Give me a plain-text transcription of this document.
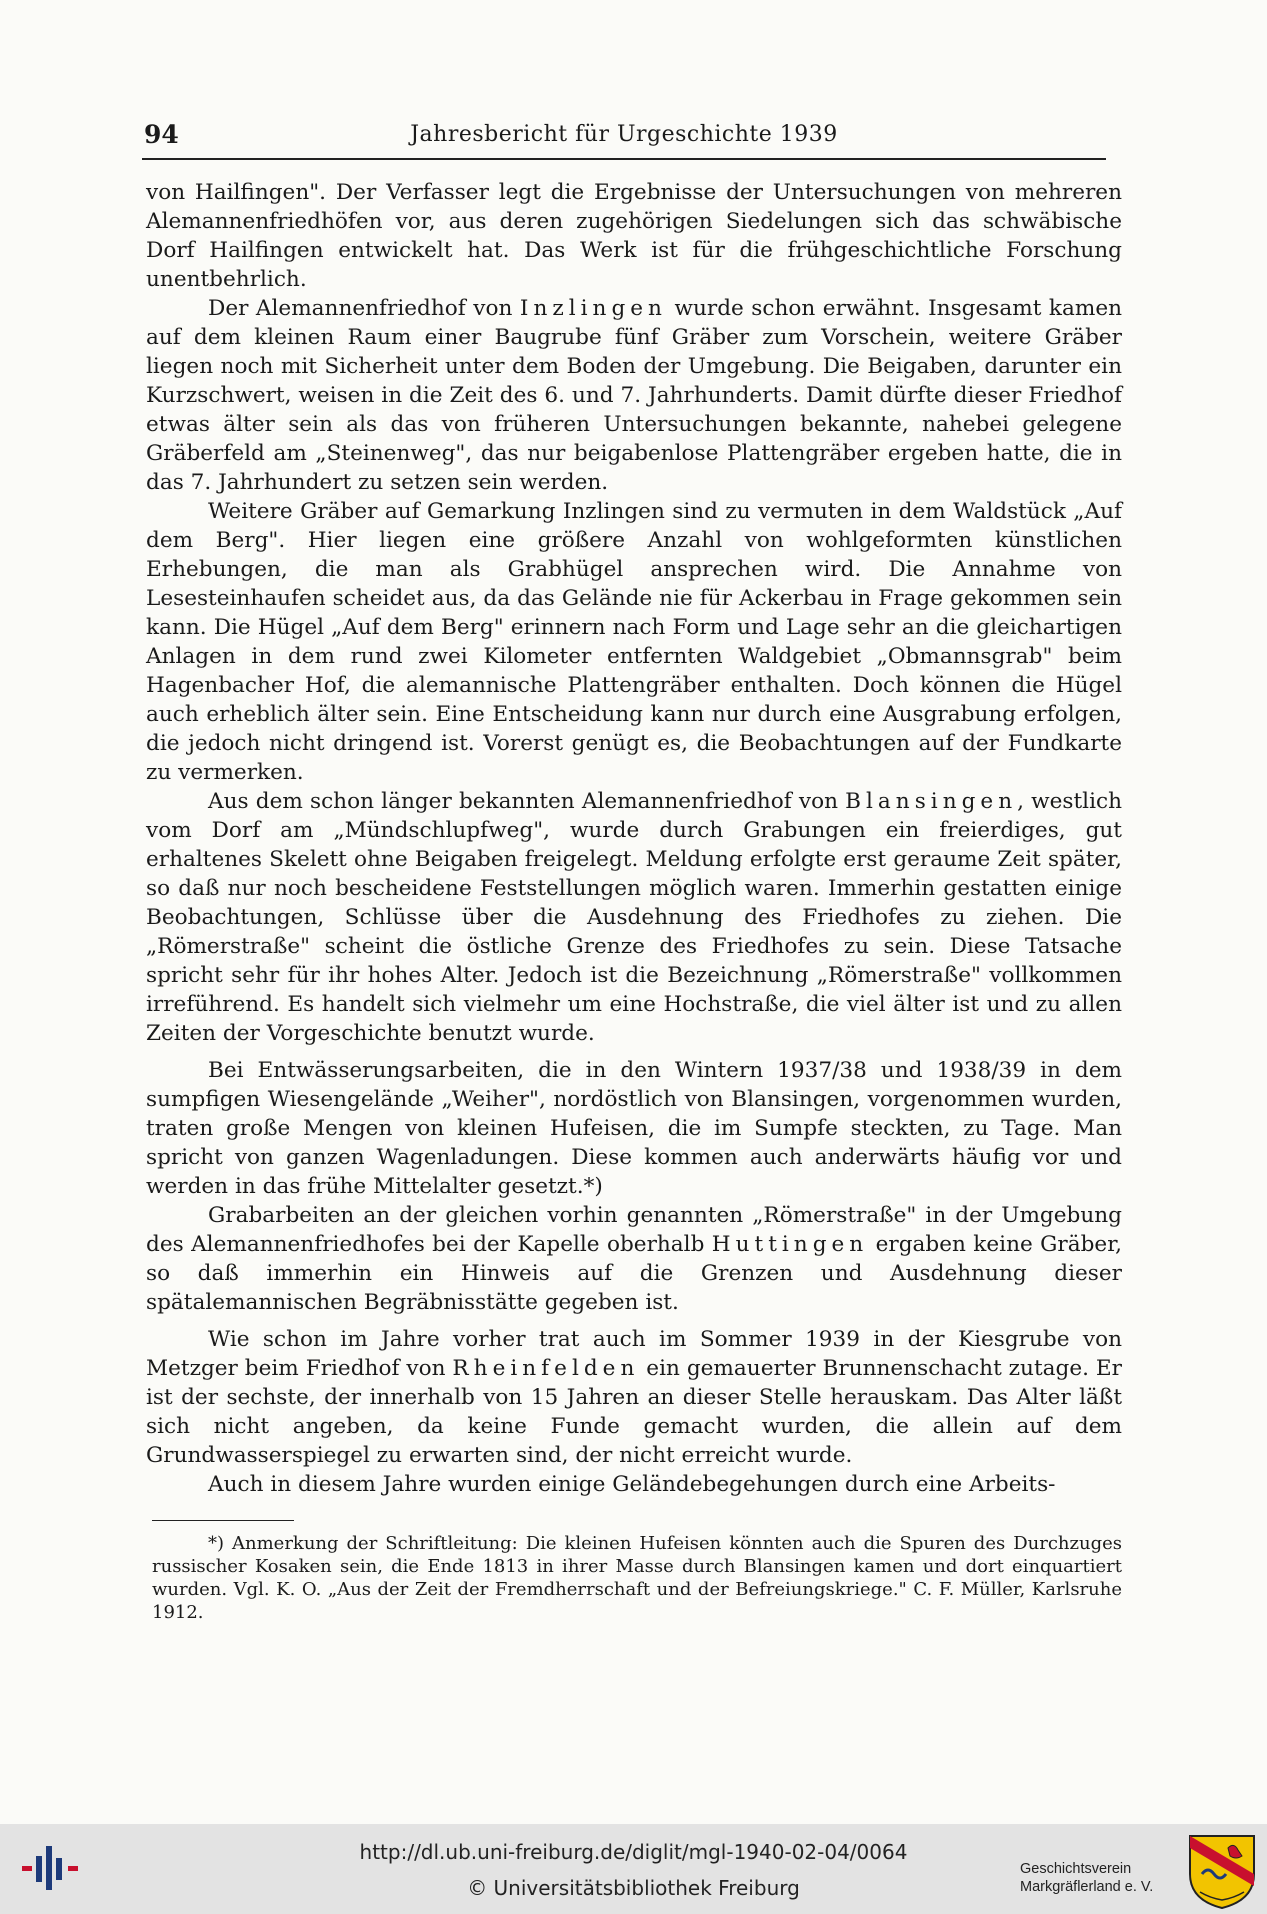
94	Jahresbericht für Urgeschichte 1939

von Hailfingen". Der Verfasser legt die Ergebnisse der Untersuchungen von mehreren Alemannenfriedhöfen vor, aus deren zugehörigen Siedelungen sich das schwäbische Dorf Hailfingen entwickelt hat. Das Werk ist für die frühgeschichtliche Forschung unentbehrlich.

Der Alemannenfriedhof von Inzlingen wurde schon erwähnt. Insgesamt kamen auf dem kleinen Raum einer Baugrube fünf Gräber zum Vorschein, weitere Gräber liegen noch mit Sicherheit unter dem Boden der Umgebung. Die Beigaben, darunter ein Kurzschwert, weisen in die Zeit des 6. und 7. Jahrhunderts. Damit dürfte dieser Friedhof etwas älter sein als das von früheren Untersuchungen bekannte, nahebei gelegene Gräberfeld am „Steinenweg", das nur beigabenlose Plattengräber ergeben hatte, die in das 7. Jahrhundert zu setzen sein werden.

Weitere Gräber auf Gemarkung Inzlingen sind zu vermuten in dem Waldstück „Auf dem Berg". Hier liegen eine größere Anzahl von wohlgeformten künstlichen Erhebungen, die man als Grabhügel ansprechen wird. Die Annahme von Lesesteinhaufen scheidet aus, da das Gelände nie für Ackerbau in Frage gekommen sein kann. Die Hügel „Auf dem Berg" erinnern nach Form und Lage sehr an die gleichartigen Anlagen in dem rund zwei Kilometer entfernten Waldgebiet „Obmannsgrab" beim Hagenbacher Hof, die alemannische Plattengräber enthalten. Doch können die Hügel auch erheblich älter sein. Eine Entscheidung kann nur durch eine Ausgrabung erfolgen, die jedoch nicht dringend ist. Vorerst genügt es, die Beobachtungen auf der Fundkarte zu vermerken.

Aus dem schon länger bekannten Alemannenfriedhof von Blansingen, westlich vom Dorf am „Mündschlupfweg", wurde durch Grabungen ein freierdiges, gut erhaltenes Skelett ohne Beigaben freigelegt. Meldung erfolgte erst geraume Zeit später, so daß nur noch bescheidene Feststellungen möglich waren. Immerhin gestatten einige Beobachtungen, Schlüsse über die Ausdehnung des Friedhofes zu ziehen. Die „Römerstraße" scheint die östliche Grenze des Friedhofes zu sein. Diese Tatsache spricht sehr für ihr hohes Alter. Jedoch ist die Bezeichnung „Römerstraße" vollkommen irreführend. Es handelt sich vielmehr um eine Hochstraße, die viel älter ist und zu allen Zeiten der Vorgeschichte benutzt wurde.

Bei Entwässerungsarbeiten, die in den Wintern 1937/38 und 1938/39 in dem sumpfigen Wiesengelände „Weiher", nordöstlich von Blansingen, vorgenommen wurden, traten große Mengen von kleinen Hufeisen, die im Sumpfe steckten, zu Tage. Man spricht von ganzen Wagenladungen. Diese kommen auch anderwärts häufig vor und werden in das frühe Mittelalter gesetzt.*)

Grabarbeiten an der gleichen vorhin genannten „Römerstraße" in der Umgebung des Alemannenfriedhofes bei der Kapelle oberhalb Huttingen ergaben keine Gräber, so daß immerhin ein Hinweis auf die Grenzen und Ausdehnung dieser spätalemannischen Begräbnisstätte gegeben ist.

Wie schon im Jahre vorher trat auch im Sommer 1939 in der Kiesgrube von Metzger beim Friedhof von Rheinfelden ein gemauerter Brunnenschacht zutage. Er ist der sechste, der innerhalb von 15 Jahren an dieser Stelle herauskam. Das Alter läßt sich nicht angeben, da keine Funde gemacht wurden, die allein auf dem Grundwasserspiegel zu erwarten sind, der nicht erreicht wurde.

Auch in diesem Jahre wurden einige Geländebegehungen durch eine Arbeits-

*) Anmerkung der Schriftleitung: Die kleinen Hufeisen könnten auch die Spuren des Durchzuges russischer Kosaken sein, die Ende 1813 in ihrer Masse durch Blansingen kamen und dort einquartiert wurden. Vgl. K. O. „Aus der Zeit der Fremdherrschaft und der Befreiungskriege." C. F. Müller, Karlsruhe 1912.

http://dl.ub.uni-freiburg.de/diglit/mgl-1940-02-04/0064
© Universitätsbibliothek Freiburg
Geschichtsverein
Markgräflerland e. V.
